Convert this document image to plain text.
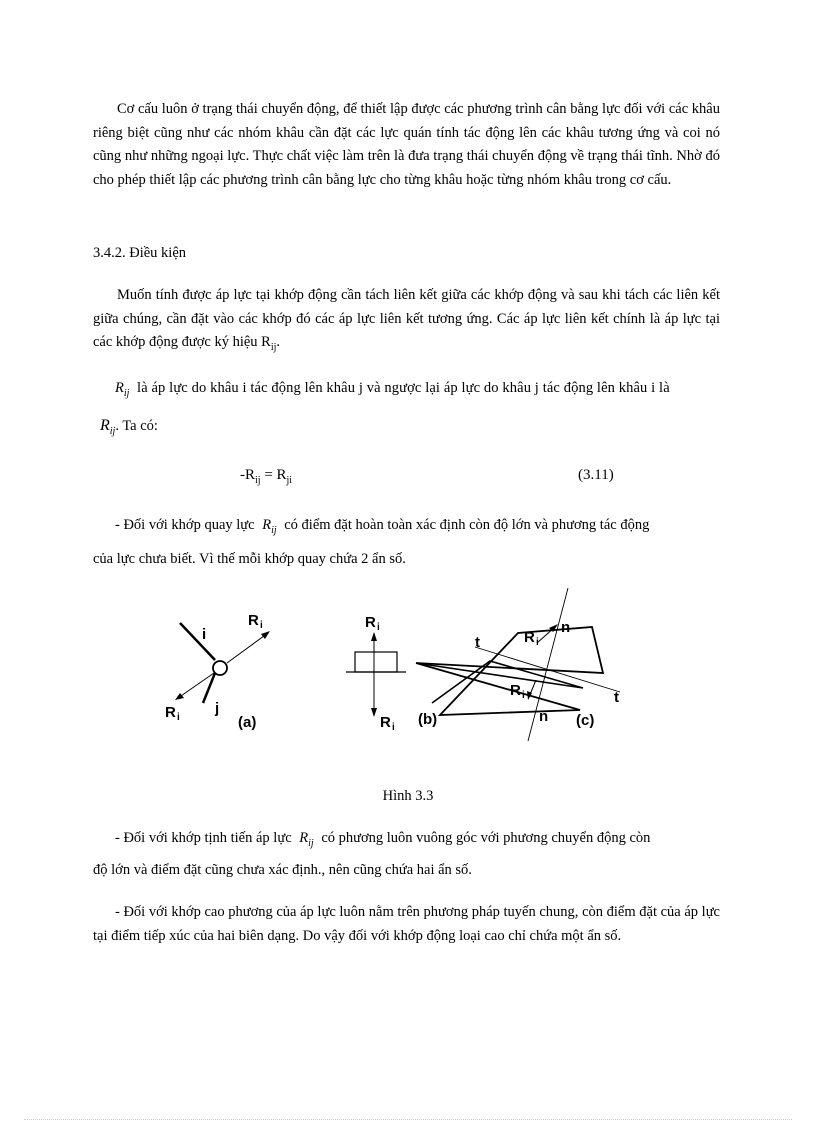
Cơ cấu luôn ở trạng thái chuyển động, để thiết lập được các phương trình cân bằng lực đối với các khâu riêng biệt cũng như các nhóm khâu cần đặt các lực quán tính tác động lên các khâu tương ứng và coi nó cũng như những ngoại lực. Thực chất việc làm trên là đưa trạng thái chuyển động về trạng thái tĩnh. Nhờ đó cho phép thiết lập các phương trình cân bằng lực cho từng khâu hoặc từng nhóm khâu trong cơ cấu.

3.4.2. Điều kiện

Muốn tính được áp lực tại khớp động cần tách liên kết giữa các khớp động và sau khi tách các liên kết giữa chúng, cần đặt vào các khớp đó các áp lực liên kết tương ứng. Các áp lực liên kết chính là áp lực tại các khớp động được ký hiệu $R_{ij}$.

$R_{ij}$ là áp lực do khâu i tác động lên khâu j và ngược lại áp lực do khâu j tác động lên khâu i là
$R_{ij}$. Ta có:
$-R_{ij} = R_{ji}$	(3.11)
- Đối với khớp quay lực $R_{ij}$ có điểm đặt hoàn toàn xác định còn độ lớn và phương tác động
của lực chưa biết. Vì thế mỗi khớp quay chứa 2 ẩn số.
R i
i
R i
j
(a)
R i
R i (b)
t
t
n
n
R i
R i
(c)
Hình 3.3
- Đối với khớp tịnh tiến áp lực $R_{ij}$ có phương luôn vuông góc với phương chuyển động còn
độ lớn và điểm đặt cũng chưa xác định., nên cũng chứa hai ẩn số.

- Đối với khớp cao phương của áp lực luôn nằm trên phương pháp tuyến chung, còn điểm đặt của áp lực tại điểm tiếp xúc của hai biên dạng. Do vậy đối với khớp động loại cao chỉ chứa một ẩn số.
